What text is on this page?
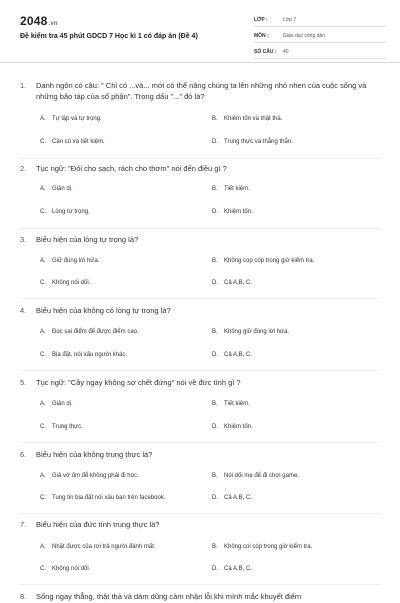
2048.vn
Đề kiểm tra 45 phút GDCD 7 Học kì 1 có đáp án (Đề 4)
LỚP :	Lớp 7
MÔN :	Giáo dục công dân
SỐ CÂU :	40
1.	Danh ngôn có câu: " Chỉ có ...và... mới có thể nâng chúng ta lên những nhỏ nhen của cuộc sống và những bão táp của số phận". Trong dấu "..." đó là?
A.	Tự lập và tự trọng.	B.	Khiêm tốn và thật thà.
C.	Cần cù và tiết kiệm.	D.	Trung thực và thẳng thắn.
2.	Tục ngữ: "Đói cho sạch, rách cho thơm" nói đến điều gì ?
A.	Giản dị.	B.	Tiết kiệm.
C.	Lòng tự trọng.	D.	Khiêm tốn.
3.	Biểu hiện của lòng tự trọng là?
A.	Giữ đúng lời hứa.	B.	Không cọp cóp trong giờ kiểm tra.
C.	Không nói dối.	D.	Cả A,B, C.
4.	Biểu hiện của không có lòng tự trọng là?
A.	Đọc sai điểm để được điểm cao.	B.	Không giữ đúng lời hứa.
C.	Bịa đặt, nói xấu người khác.	D.	Cả A,B, C.
5.	Tục ngữ: "Cây ngay không sợ chết đứng" nói về đức tính gì ?
A.	Giản dị.	B.	Tiết kiệm.
C.	Trung thực.	D.	Khiêm tốn.
6.	Biểu hiện của không trung thực là?
A.	Giả vờ ốm để không phải đi học.	B.	Nói dối mẹ để đi chơi game.
C.	Tung tin bịa đặt nói xấu bạn trên facebook.	D.	Cả A,B, C.
7.	Biểu hiện của đức tính trung thực là?
A.	Nhặt được của rơi trả người đánh mất.	B.	Không coi cóp trong giờ kiểm tra.
C.	Không nói dối.	D.	Cả A,B, C.
8.	Sống ngay thẳng, thật thà và dám dũng cảm nhận lỗi khi mình mắc khuyết điểm
